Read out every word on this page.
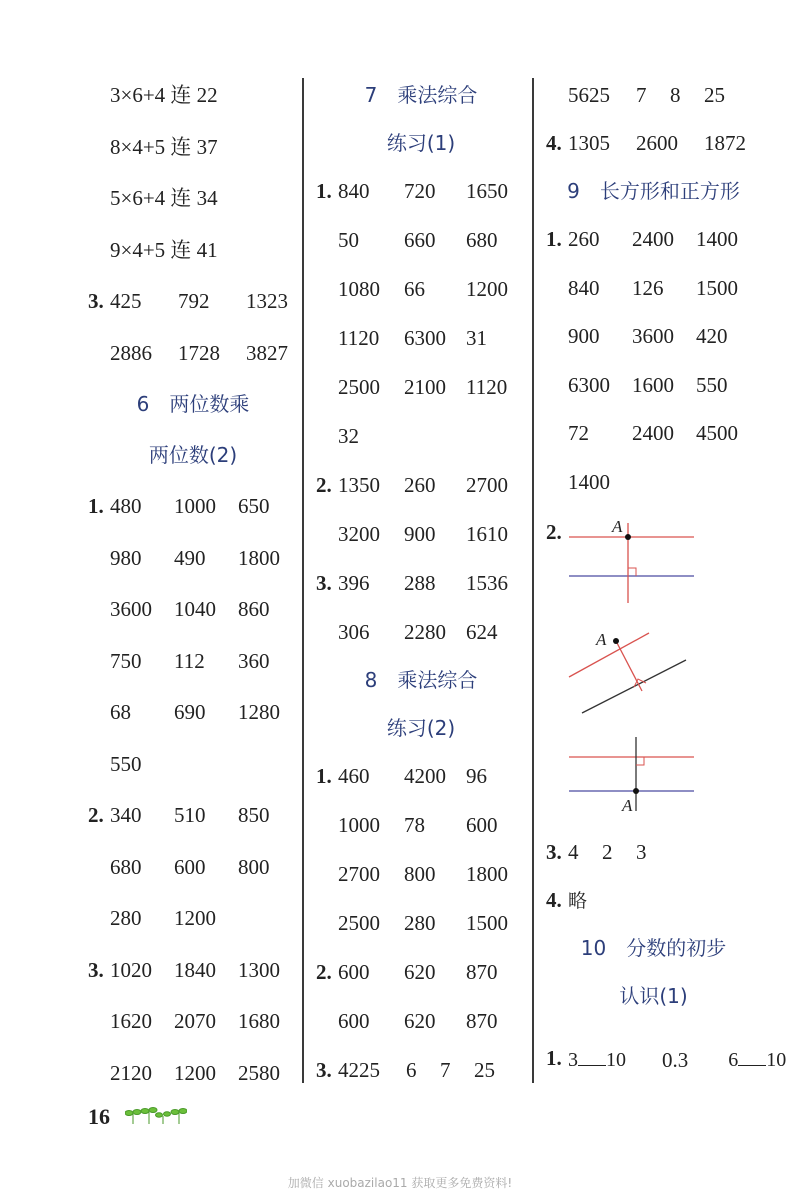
3×6+4 连 22
8×4+5 连 37
5×6+4 连 34
9×4+5 连 41
3. 425 792 1323
2886 1728 3827
6 两位数乘
两位数(2)
1. 480 1000 650
980 490 1800
3600 1040 860
750 112 360
68 690 1280
550
2. 340 510 850
680 600 800
280 1200
3. 1020 1840 1300
1620 2070 1680
2120 1200 2580
7 乘法综合
练习(1)
1. 840 720 1650
50 660 680
1080 66 1200
1120 6300 31
2500 2100 1120
32
2. 1350 260 2700
3200 900 1610
3. 396 288 1536
306 2280 624
8 乘法综合
练习(2)
1. 460 4200 96
1000 78 600
2700 800 1800
2500 280 1500
2. 600 620 870
600 620 870
3. 4225 6 7 25
5625 7 8 25
4. 1305 2600 1872
9 长方形和正方形
1. 260 2400 1400
840 126 1500
900 3600 420
6300 1600 550
72 2400 4500
1400
2.	A
A
A
3. 4 2 3
4. 略
10 分数的初步
认识(1)
1. 3 10 0.3 6 10
16
加微信 xuobazilao11 获取更多免费资料!
